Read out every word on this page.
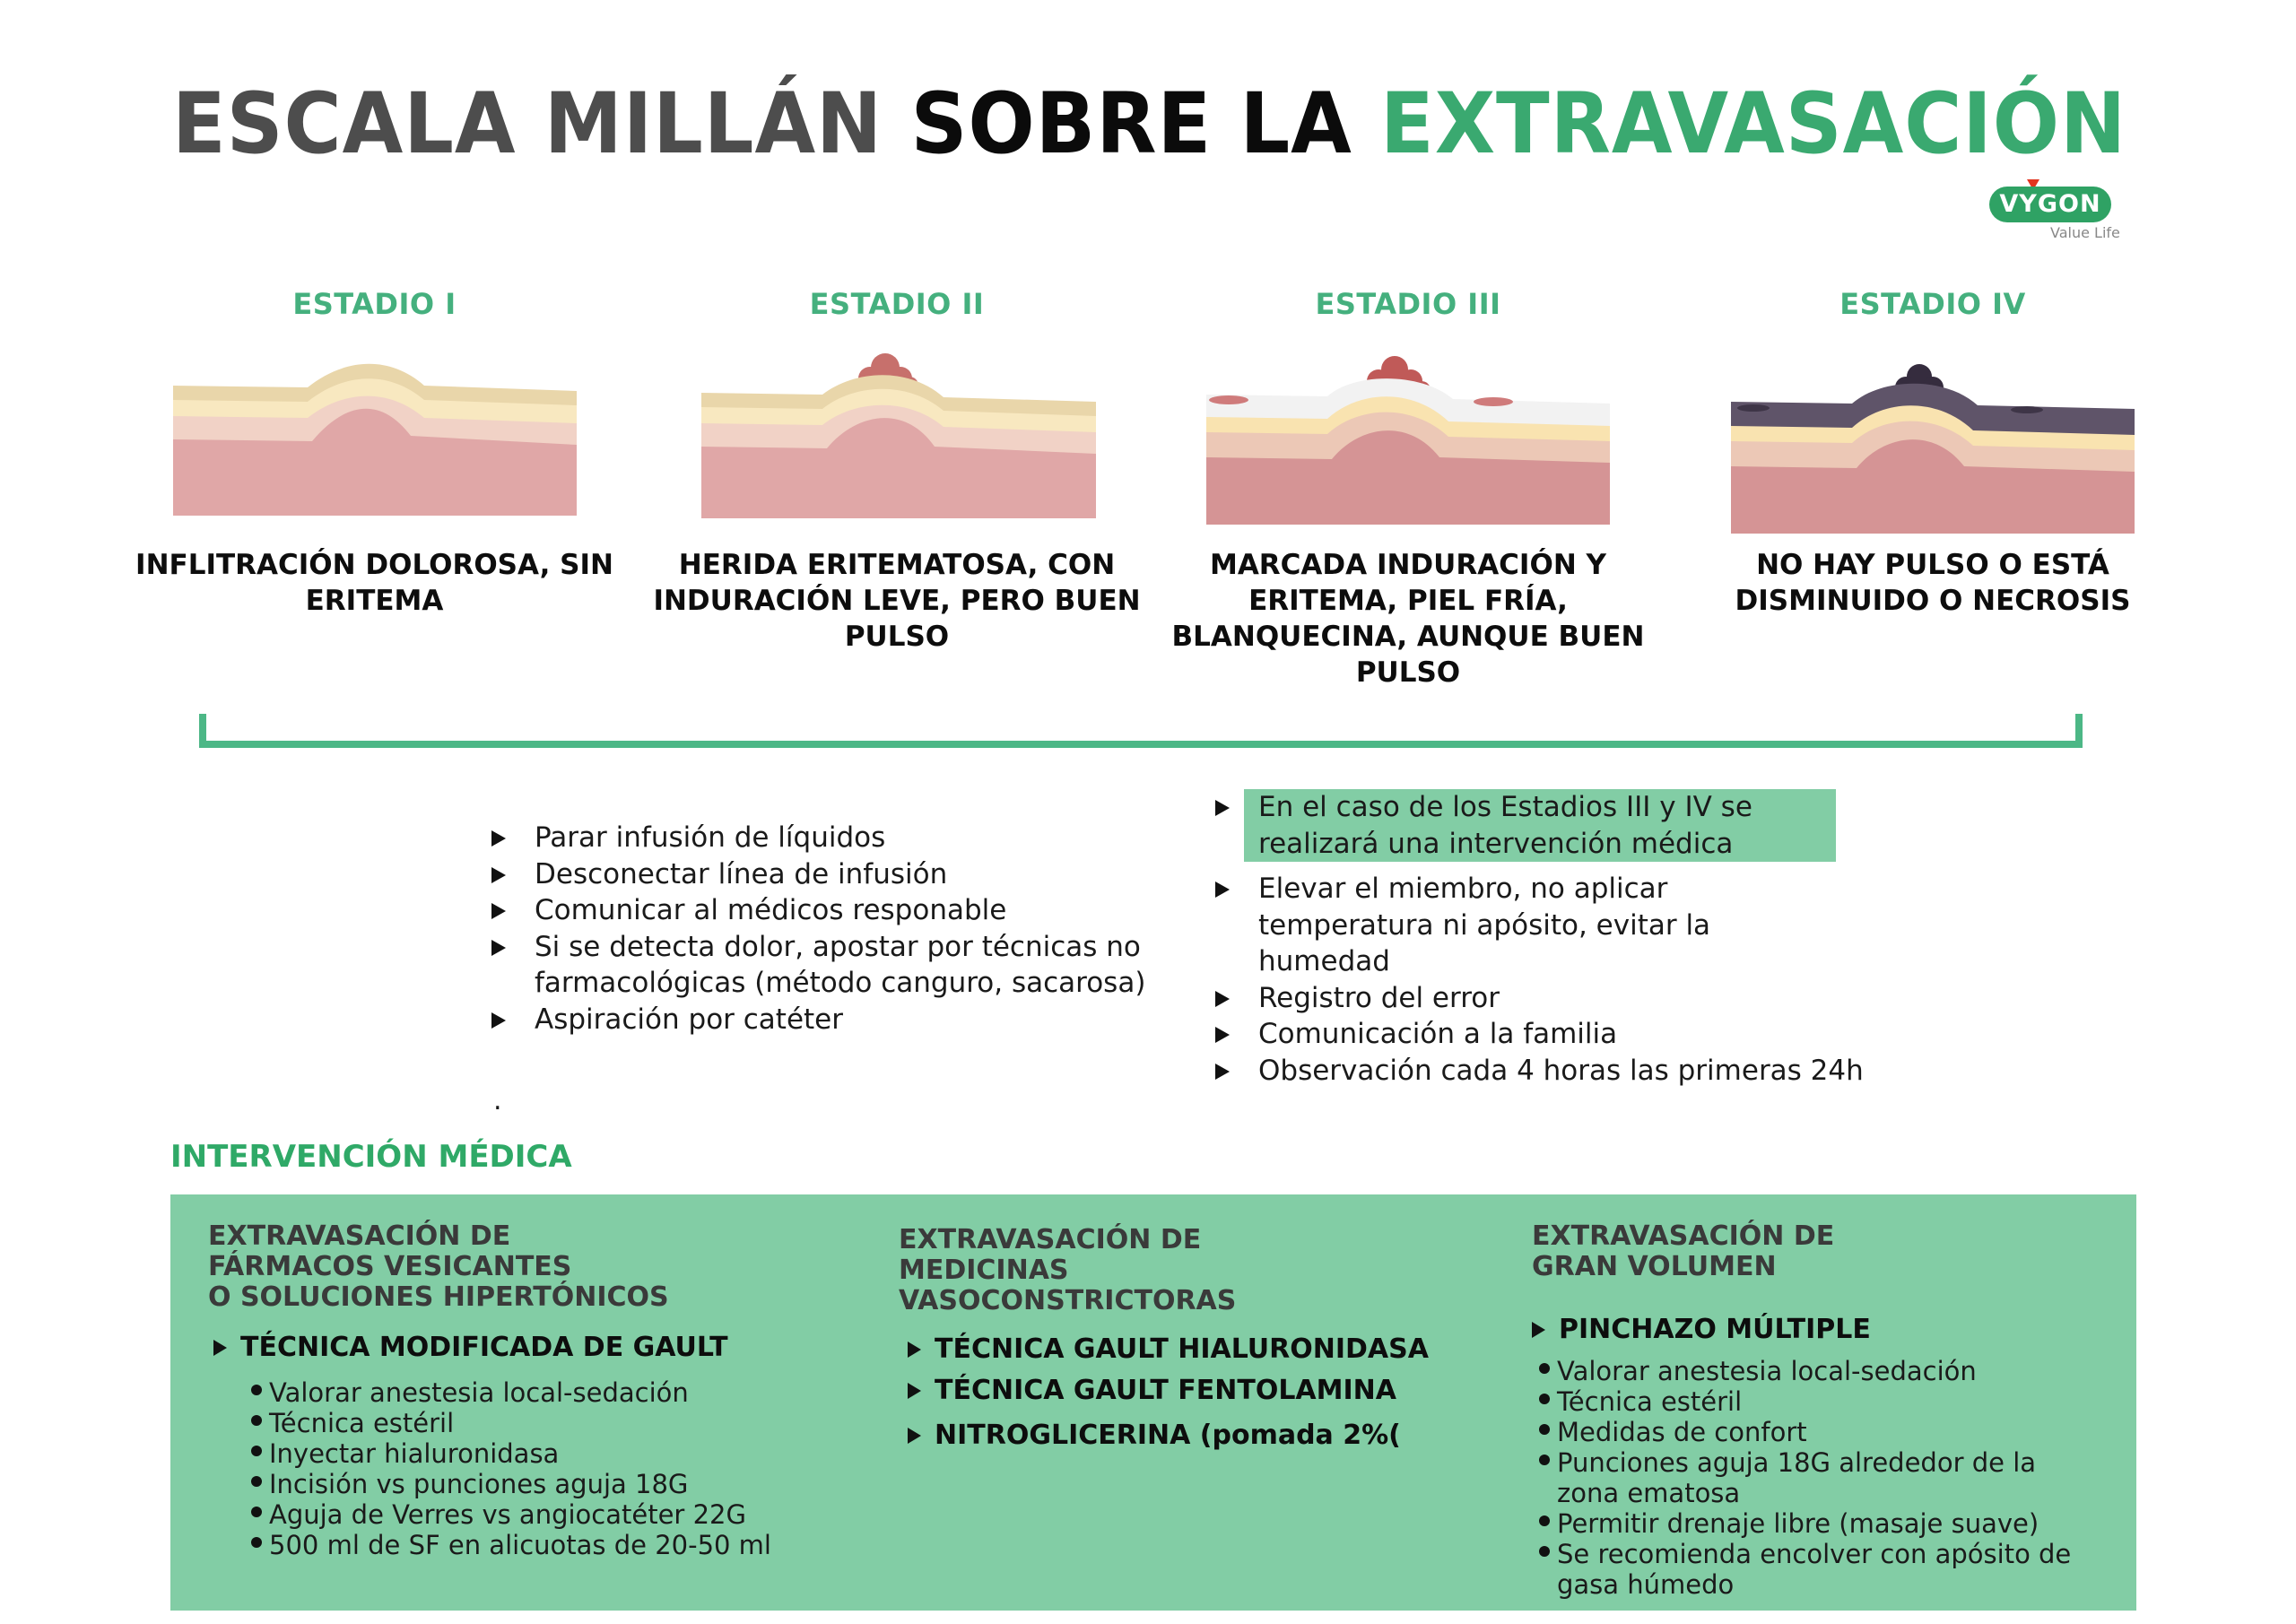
ESCALA MILLÁN SOBRE LA EXTRAVASACIÓN
VYGON
Value Life
ESTADIO I
INFLITRACIÓN DOLOROSA, SIN ERITEMA
ESTADIO II
HERIDA ERITEMATOSA, CON INDURACIÓN LEVE, PERO BUEN PULSO
ESTADIO III
MARCADA INDURACIÓN Y ERITEMA, PIEL FRÍA, BLANQUECINA, AUNQUE BUEN PULSO
ESTADIO IV
NO HAY PULSO O ESTÁ DISMINUIDO O NECROSIS
Parar infusión de líquidos
Desconectar línea de infusión
Comunicar al médicos responable
Si se detecta dolor, apostar por técnicas no farmacológicas (método canguro, sacarosa)
Aspiración por catéter
.
En el caso de los Estadios III y IV se realizará una intervención médica
Elevar el miembro, no aplicar temperatura ni apósito, evitar la humedad
Registro del error
Comunicación a la familia
Observación cada 4 horas las primeras 24h
INTERVENCIÓN MÉDICA
EXTRAVASACIÓN DE
FÁRMACOS VESICANTES
O SOLUCIONES HIPERTÓNICOS
TÉCNICA MODIFICADA DE GAULT
Valorar anestesia local-sedación
Técnica estéril
Inyectar hialuronidasa
Incisión vs punciones aguja 18G
Aguja de Verres vs angiocatéter 22G
500 ml de SF en alicuotas de 20-50 ml
EXTRAVASACIÓN DE
MEDICINAS
VASOCONSTRICTORAS
TÉCNICA GAULT HIALURONIDASA
TÉCNICA GAULT FENTOLAMINA
NITROGLICERINA (pomada 2%(
EXTRAVASACIÓN DE
GRAN VOLUMEN
PINCHAZO MÚLTIPLE
Valorar anestesia local-sedación
Técnica estéril
Medidas de confort
Punciones aguja 18G alrededor de la zona ematosa
Permitir drenaje libre (masaje suave)
Se recomienda encolver con apósito de gasa húmedo
